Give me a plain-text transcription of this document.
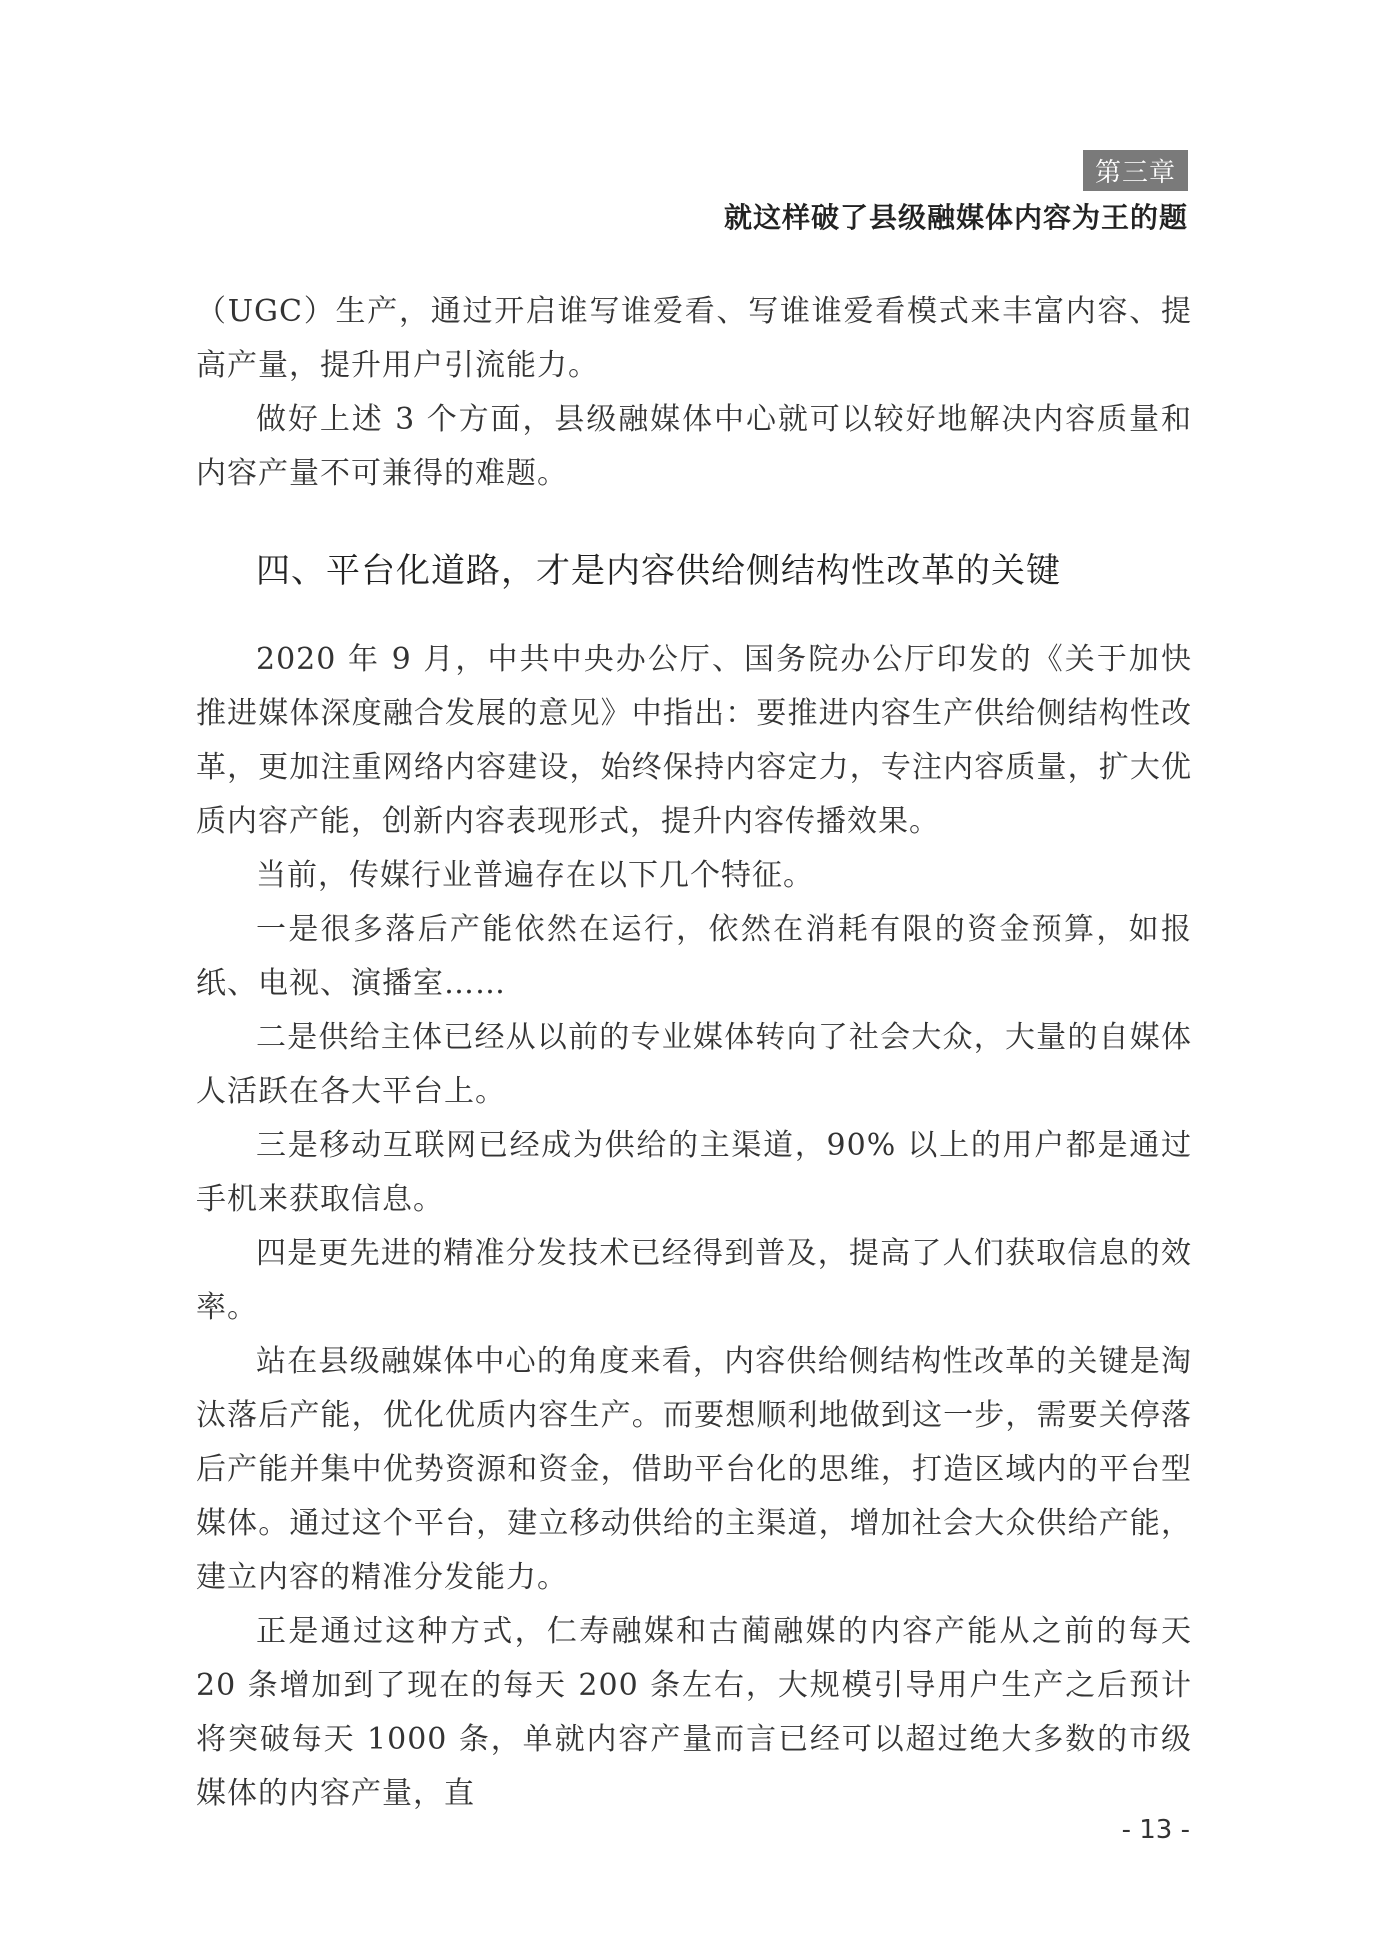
第三章
就这样破了县级融媒体内容为王的题

（UGC）生产，通过开启谁写谁爱看、写谁谁爱看模式来丰富内容、提高产量，提升用户引流能力。

做好上述 3 个方面，县级融媒体中心就可以较好地解决内容质量和内容产量不可兼得的难题。

四、平台化道路，才是内容供给侧结构性改革的关键

2020 年 9 月，中共中央办公厅、国务院办公厅印发的《关于加快推进媒体深度融合发展的意见》中指出：要推进内容生产供给侧结构性改革，更加注重网络内容建设，始终保持内容定力，专注内容质量，扩大优质内容产能，创新内容表现形式，提升内容传播效果。

当前，传媒行业普遍存在以下几个特征。

一是很多落后产能依然在运行，依然在消耗有限的资金预算，如报纸、电视、演播室……

二是供给主体已经从以前的专业媒体转向了社会大众，大量的自媒体人活跃在各大平台上。

三是移动互联网已经成为供给的主渠道，90% 以上的用户都是通过手机来获取信息。

四是更先进的精准分发技术已经得到普及，提高了人们获取信息的效率。

站在县级融媒体中心的角度来看，内容供给侧结构性改革的关键是淘汰落后产能，优化优质内容生产。而要想顺利地做到这一步，需要关停落后产能并集中优势资源和资金，借助平台化的思维，打造区域内的平台型媒体。通过这个平台，建立移动供给的主渠道，增加社会大众供给产能，建立内容的精准分发能力。

正是通过这种方式，仁寿融媒和古蔺融媒的内容产能从之前的每天 20 条增加到了现在的每天 200 条左右，大规模引导用户生产之后预计将突破每天 1000 条，单就内容产量而言已经可以超过绝大多数的市级媒体的内容产量，直

- 13 -
